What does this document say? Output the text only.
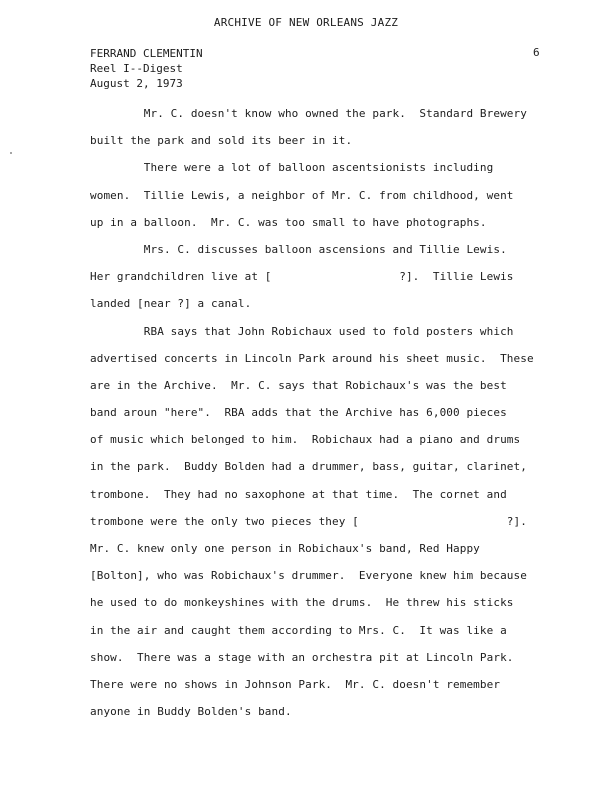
ARCHIVE OF NEW ORLEANS JAZZ
FERRAND CLEMENTIN
Reel I--Digest
August 2, 1973
6
Mr. C. doesn't know who owned the park.  Standard Brewery
built the park and sold its beer in it.
There were a lot of balloon ascentsionists including
women.  Tillie Lewis, a neighbor of Mr. C. from childhood, went
up in a balloon.  Mr. C. was too small to have photographs.
Mrs. C. discusses balloon ascensions and Tillie Lewis.
Her grandchildren live at [                   ?].  Tillie Lewis
landed [near ?] a canal.
RBA says that John Robichaux used to fold posters which
advertised concerts in Lincoln Park around his sheet music.  These
are in the Archive.  Mr. C. says that Robichaux's was the best
band aroun "here".  RBA adds that the Archive has 6,000 pieces
of music which belonged to him.  Robichaux had a piano and drums
in the park.  Buddy Bolden had a drummer, bass, guitar, clarinet,
trombone.  They had no saxophone at that time.  The cornet and
trombone were the only two pieces they [                      ?].
Mr. C. knew only one person in Robichaux's band, Red Happy
[Bolton], who was Robichaux's drummer.  Everyone knew him because
he used to do monkeyshines with the drums.  He threw his sticks
in the air and caught them according to Mrs. C.  It was like a
show.  There was a stage with an orchestra pit at Lincoln Park.
There were no shows in Johnson Park.  Mr. C. doesn't remember
anyone in Buddy Bolden's band.
